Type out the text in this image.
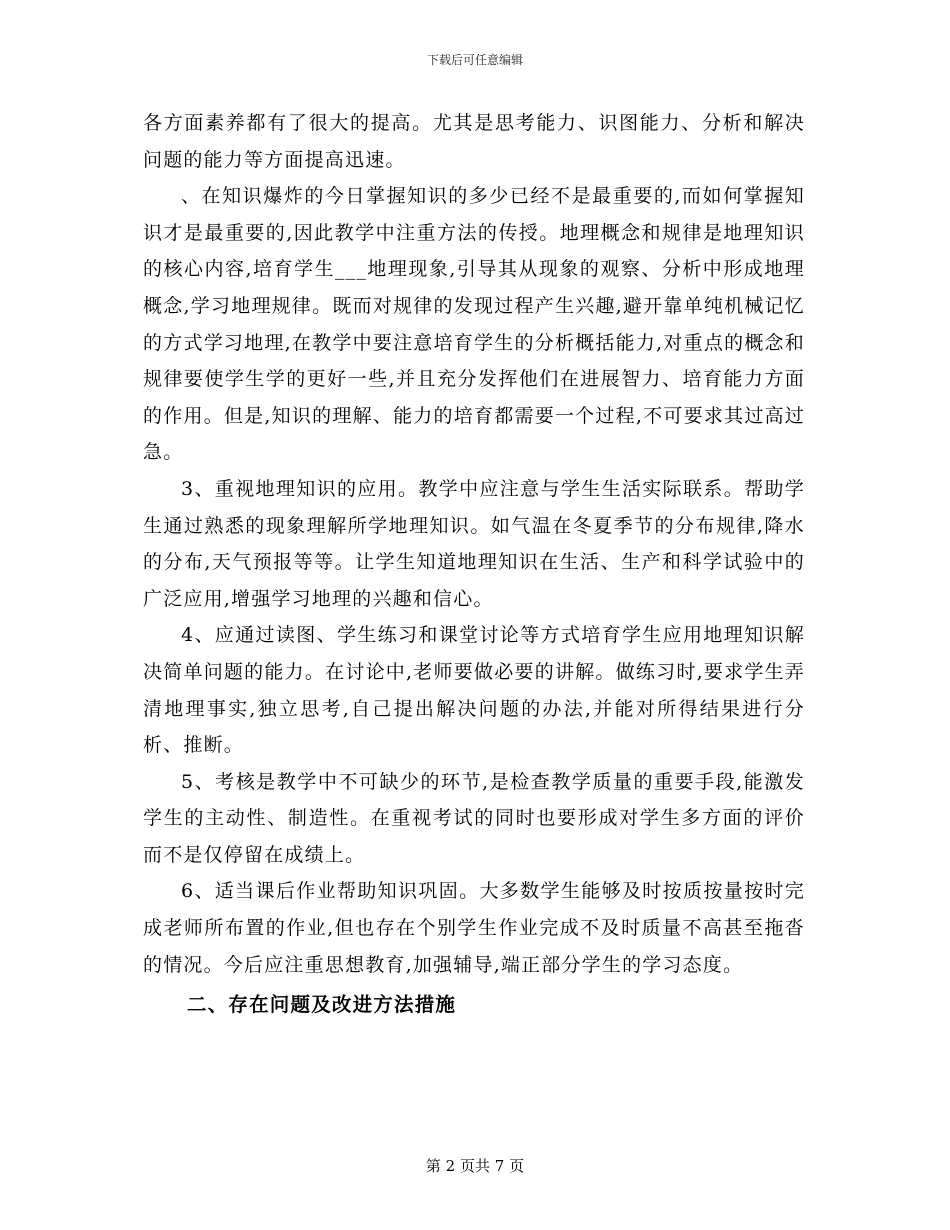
下载后可任意编辑

各方面素养都有了很大的提高。尤其是思考能力、识图能力、分析和解决问题的能力等方面提高迅速。

、在知识爆炸的今日掌握知识的多少已经不是最重要的,而如何掌握知识才是最重要的,因此教学中注重方法的传授。地理概念和规律是地理知识的核心内容,培育学生___地理现象,引导其从现象的观察、分析中形成地理概念,学习地理规律。既而对规律的发现过程产生兴趣,避开靠单纯机械记忆的方式学习地理,在教学中要注意培育学生的分析概括能力,对重点的概念和规律要使学生学的更好一些,并且充分发挥他们在进展智力、培育能力方面的作用。但是,知识的理解、能力的培育都需要一个过程,不可要求其过高过急。

3、重视地理知识的应用。教学中应注意与学生生活实际联系。帮助学生通过熟悉的现象理解所学地理知识。如气温在冬夏季节的分布规律,降水的分布,天气预报等等。让学生知道地理知识在生活、生产和科学试验中的广泛应用,增强学习地理的兴趣和信心。

4、应通过读图、学生练习和课堂讨论等方式培育学生应用地理知识解决简单问题的能力。在讨论中,老师要做必要的讲解。做练习时,要求学生弄清地理事实,独立思考,自己提出解决问题的办法,并能对所得结果进行分析、推断。

5、考核是教学中不可缺少的环节,是检查教学质量的重要手段,能激发学生的主动性、制造性。在重视考试的同时也要形成对学生多方面的评价而不是仅停留在成绩上。

6、适当课后作业帮助知识巩固。大多数学生能够及时按质按量按时完成老师所布置的作业,但也存在个别学生作业完成不及时质量不高甚至拖沓的情况。今后应注重思想教育,加强辅导,端正部分学生的学习态度。

二、存在问题及改进方法措施
第 2 页共 7 页
